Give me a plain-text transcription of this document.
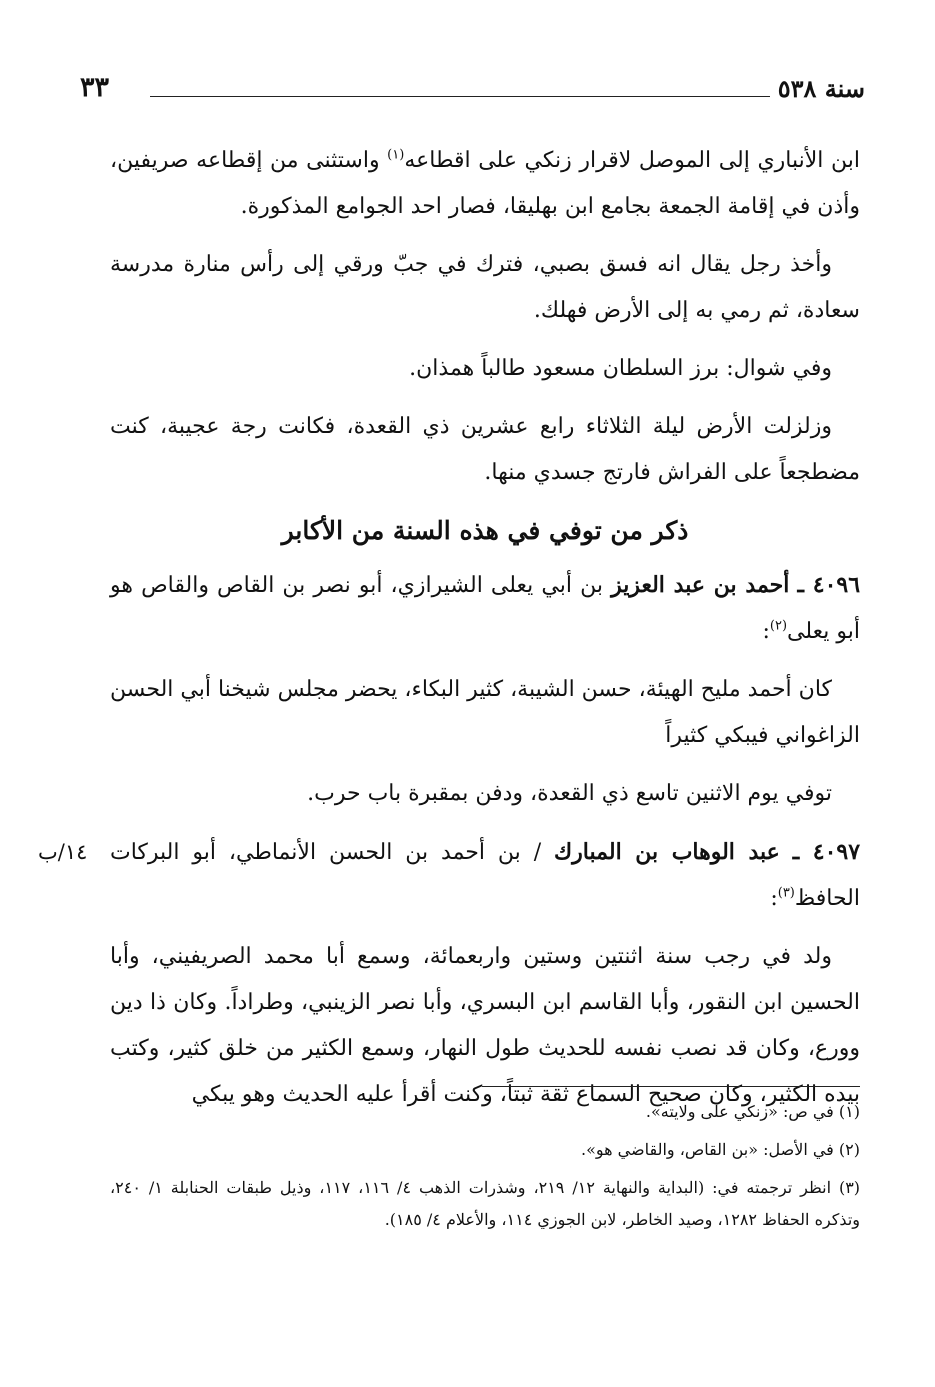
سنة ٥٣٨
٣٣

ابن الأنباري إلى الموصل لاقرار زنكي على اقطاعه$^{(١)}$ واستثنى من إقطاعه صريفين، وأذن في إقامة الجمعة بجامع ابن بهليقا، فصار احد الجوامع المذكورة.

وأخذ رجل يقال انه فسق بصبي، فترك في جبّ ورقي إلى رأس منارة مدرسة سعادة، ثم رمي به إلى الأرض فهلك.

وفي شوال: برز السلطان مسعود طالباً همذان.

وزلزلت الأرض ليلة الثلاثاء رابع عشرين ذي القعدة، فكانت رجة عجيبة، كنت مضطجعاً على الفراش فارتج جسدي منها.

ذكر من توفي في هذه السنة من الأكابر

٤٠٩٦ ـ أحمد بن عبد العزيز بن أبي يعلى الشيرازي، أبو نصر بن القاص والقاص هو أبو يعلى$^{(٢)}$:

كان أحمد مليح الهيئة، حسن الشيبة، كثير البكاء، يحضر مجلس شيخنا أبي الحسن الزاغواني فيبكي كثيراً

توفي يوم الاثنين تاسع ذي القعدة، ودفن بمقبرة باب حرب.

١٤/ب	٤٠٩٧ ـ عبد الوهاب بن المبارك / بن أحمد بن الحسن الأنماطي، أبو البركات الحافظ$^{(٣)}$:

ولد في رجب سنة اثنتين وستين واربعمائة، وسمع أبا محمد الصريفيني، وأبا الحسين ابن النقور، وأبا القاسم ابن البسري، وأبا نصر الزينبي، وطراداً. وكان ذا دين وورع، وكان قد نصب نفسه للحديث طول النهار، وسمع الكثير من خلق كثير، وكتب بيده الكثير، وكان صحيح السماع ثقة ثبتاً، وكنت أقرأ عليه الحديث وهو يبكي

(١) في ص: «زنكي على ولايته».

(٢) في الأصل: «بن القاص، والقاضي هو».

(٣) انظر ترجمته في: (البداية والنهاية ١٢/ ٢١٩، وشذرات الذهب ٤/ ١١٦، ١١٧، وذيل طبقات الحنابلة ١/ ٢٤٠، وتذكره الحفاظ ١٢٨٢، وصيد الخاطر، لابن الجوزي ١١٤، والأعلام ٤/ ١٨٥).
